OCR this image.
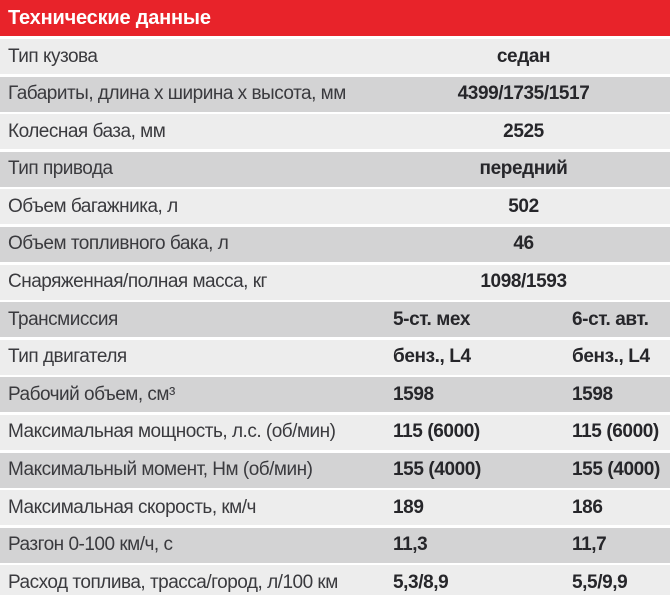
Технические данные
Тип кузова	седан
Габариты, длина х ширина х высота, мм	4399/1735/1517
Колесная база, мм	2525
Тип привода	передний
Объем багажника, л	502
Объем топливного бака, л	46
Снаряженная/полная масса, кг	1098/1593
Трансмиссия	5-ст. мех	6-ст. авт.
Тип двигателя	бенз., L4	бенз., L4
Рабочий объем, см³	1598	1598
Максимальная мощность, л.с. (об/мин)	115 (6000)	115 (6000)
Максимальный момент, Нм (об/мин)	155 (4000)	155 (4000)
Максимальная скорость, км/ч	189	186
Разгон 0-100 км/ч, с	11,3	11,7
Расход топлива, трасса/город, л/100 км	5,3/8,9	5,5/9,9
